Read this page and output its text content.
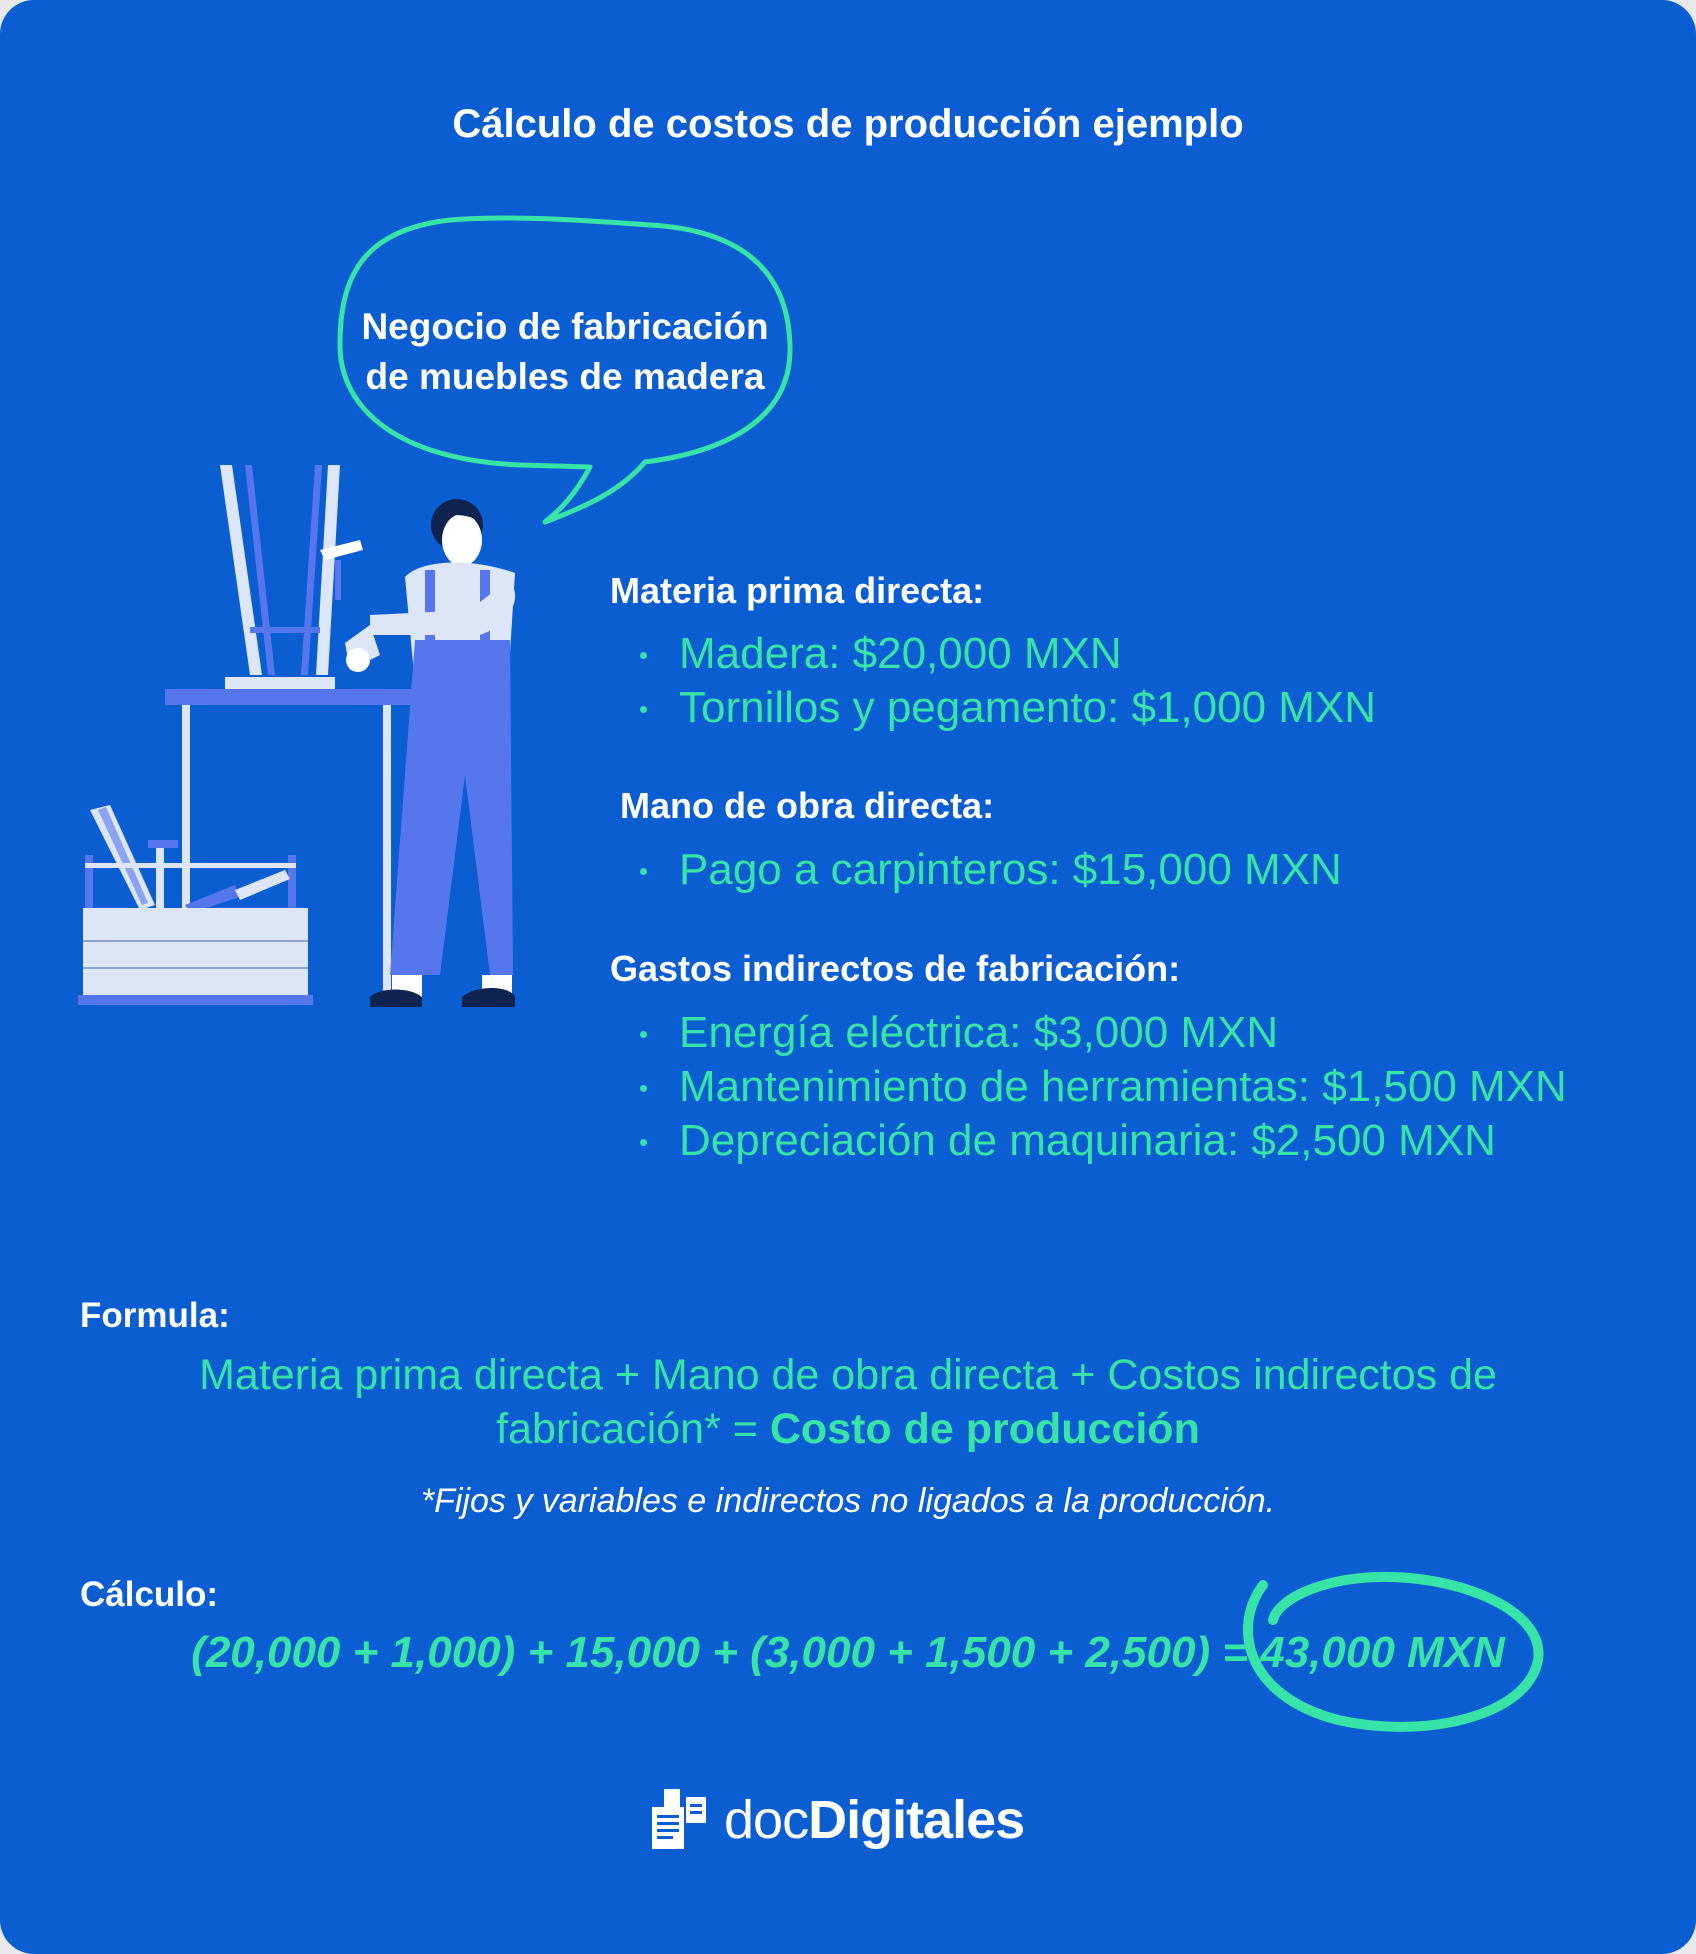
Cálculo de costos de producción ejemplo
Negocio de fabricación
de muebles de madera
Materia prima directa:
Madera: $20,000 MXN
Tornillos y pegamento: $1,000 MXN
Mano de obra directa:
Pago a carpinteros: $15,000 MXN
Gastos indirectos de fabricación:
Energía eléctrica: $3,000 MXN
Mantenimiento de herramientas: $1,500 MXN
Depreciación de maquinaria: $2,500 MXN
Formula:
Materia prima directa + Mano de obra directa + Costos indirectos de
fabricación* = Costo de producción
*Fijos y variables e indirectos no ligados a la producción.
Cálculo:
(20,000 + 1,000) + 15,000 + (3,000 + 1,500 + 2,500) = 43,000 MXN
docDigitales
